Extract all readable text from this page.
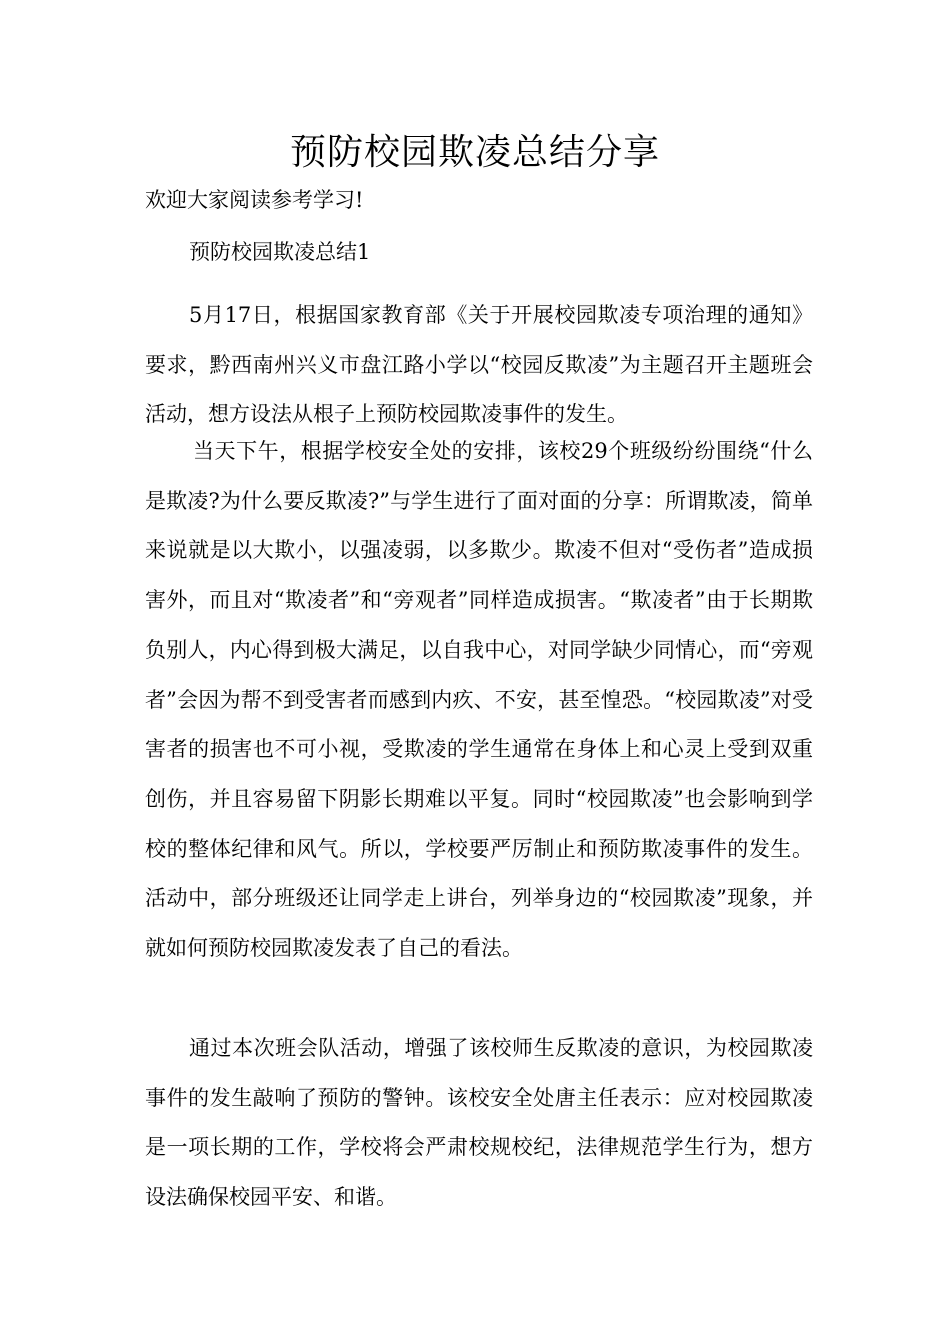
预防校园欺凌总结分享

欢迎大家阅读参考学习!

预防校园欺凌总结1

5月17日，根据国家教育部《关于开展校园欺凌专项治理的通知》要求，黔西南州兴义市盘江路小学以“校园反欺凌”为主题召开主题班会活动，想方设法从根子上预防校园欺凌事件的发生。

当天下午，根据学校安全处的安排，该校29个班级纷纷围绕“什么是欺凌?为什么要反欺凌?”与学生进行了面对面的分享：所谓欺凌，简单来说就是以大欺小，以强凌弱，以多欺少。欺凌不但对“受伤者”造成损害外，而且对“欺凌者”和“旁观者”同样造成损害。“欺凌者”由于长期欺负别人，内心得到极大满足，以自我中心，对同学缺少同情心，而“旁观者”会因为帮不到受害者而感到内疚、不安，甚至惶恐。“校园欺凌”对受害者的损害也不可小视，受欺凌的学生通常在身体上和心灵上受到双重创伤，并且容易留下阴影长期难以平复。同时“校园欺凌”也会影响到学校的整体纪律和风气。所以，学校要严厉制止和预防欺凌事件的发生。活动中，部分班级还让同学走上讲台，列举身边的“校园欺凌”现象，并就如何预防校园欺凌发表了自己的看法。

通过本次班会队活动，增强了该校师生反欺凌的意识，为校园欺凌事件的发生敲响了预防的警钟。该校安全处唐主任表示：应对校园欺凌是一项长期的工作，学校将会严肃校规校纪，法律规范学生行为，想方设法确保校园平安、和谐。
